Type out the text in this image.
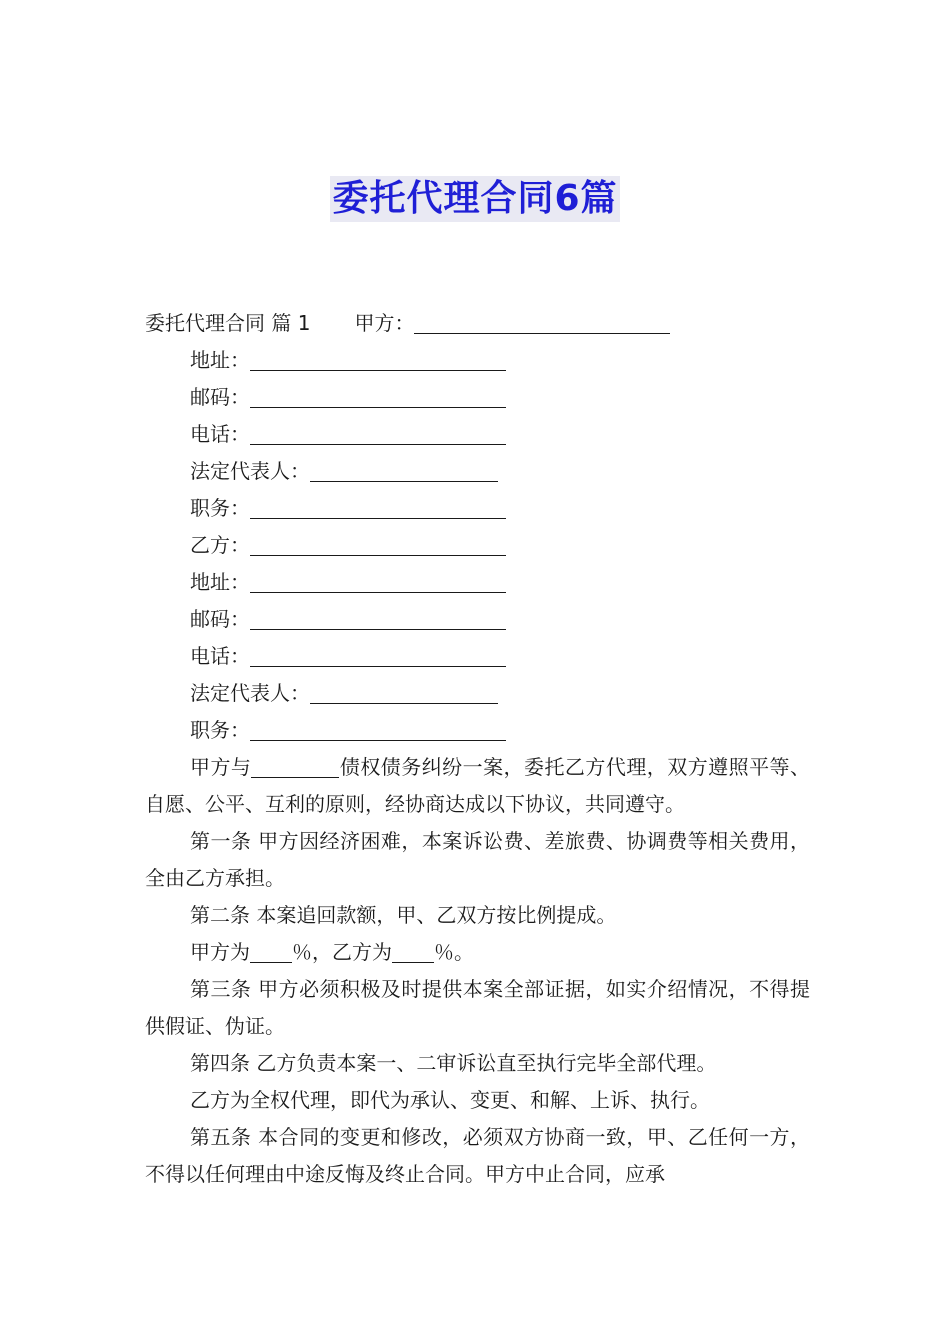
委托代理合同6篇
委托代理合同 篇 1 甲方：
地址：
邮码：
电话：
法定代表人：
职务：
乙方：
地址：
邮码：
电话：
法定代表人：
职务：
甲方与	债权债务纠纷一案，委托乙方代理，双方遵照平等、自愿、公平、互利的原则，经协商达成以下协议，共同遵守。
第一条 甲方因经济困难，本案诉讼费、差旅费、协调费等相关费用，全由乙方承担。
第二条 本案追回款额，甲、乙双方按比例提成。
甲方为 ％，乙方为 ％。
第三条 甲方必须积极及时提供本案全部证据，如实介绍情况，不得提供假证、伪证。
第四条 乙方负责本案一、二审诉讼直至执行完毕全部代理。
乙方为全权代理，即代为承认、变更、和解、上诉、执行。
第五条 本合同的变更和修改，必须双方协商一致，甲、乙任何一方，不得以任何理由中途反悔及终止合同。甲方中止合同，应承
